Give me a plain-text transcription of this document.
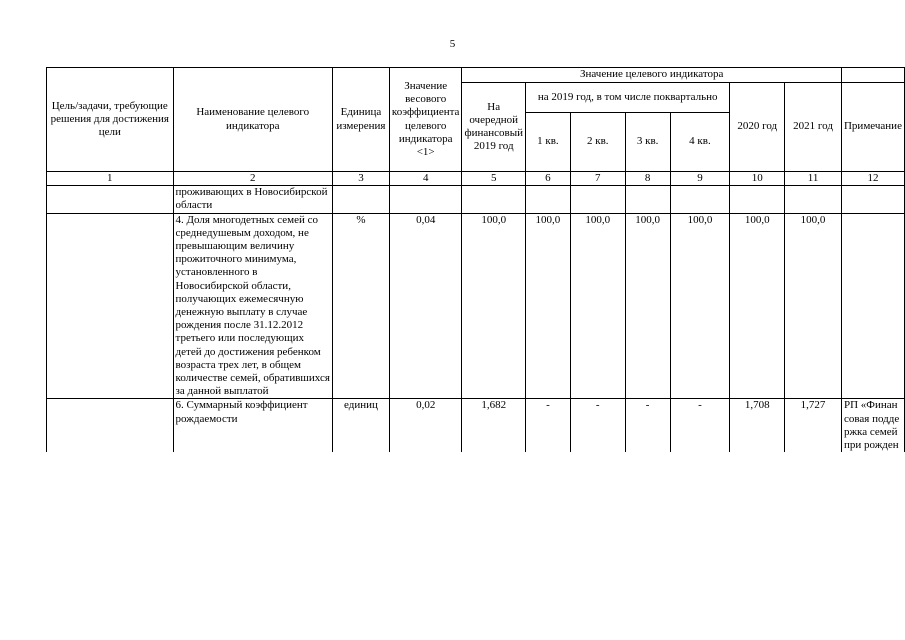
5
Цель/задачи, требующие решения для достижения цели	Наименование целевого индикатора	Единица измерения	Значение весового коэффициента целевого индикатора <1>	Значение целевого индикатора							
				На очередной финансовый 2019 год	на 2019 год, в том числе поквартально				2020 год	2021 год	Примечание
					1 кв.	2 кв.	3 кв.	4 кв.			
1	2	3	4	5	6	7	8	9	10	11	12
	проживающих в Новосибирской области										
	4. Доля многодетных семей со среднедушевым доходом, не превышающим величину прожиточного минимума, установленного в Новосибирской области, получающих ежемесячную денежную выплату в случае рождения после 31.12.2012 третьего или последующих детей до достижения ребенком возраста трех лет, в общем количестве семей, обратившихся за данной выплатой	%	0,04	100,0	100,0	100,0	100,0	100,0	100,0	100,0	
	6. Суммарный коэффициент рождаемости	единиц	0,02	1,682	-	-	-	-	1,708	1,727	РП «Финансовая поддержка семей при рожден
